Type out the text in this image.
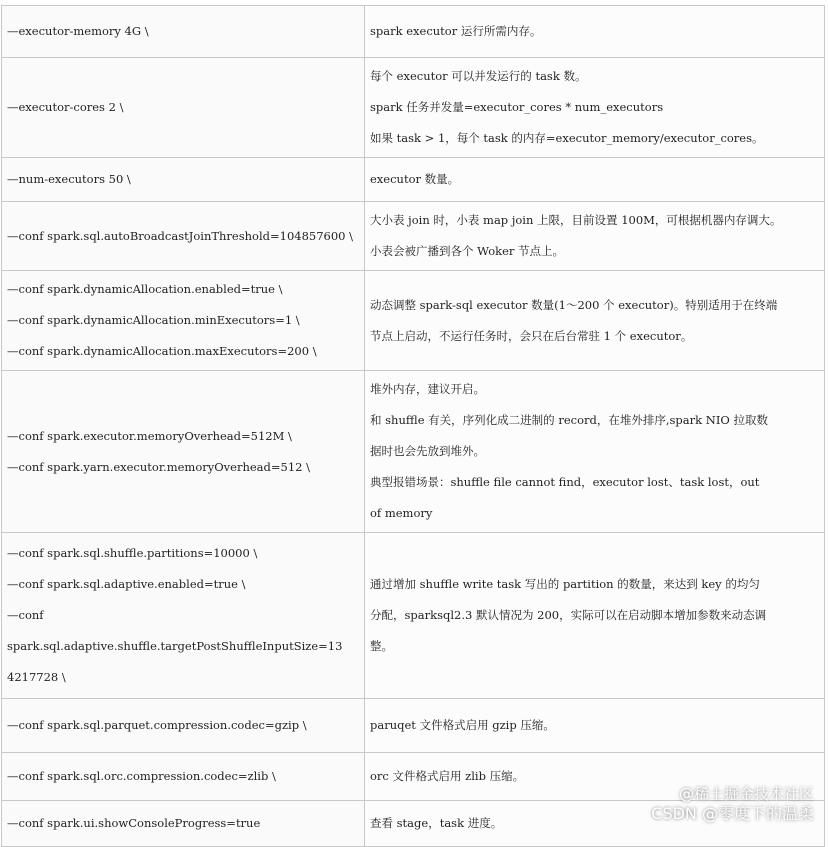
—executor-memory 4G \	spark executor 运行所需内存。

—executor-cores 2 \	每个 executor 可以并发运行的 task 数。
spark 任务并发量=executor_cores * num_executors
如果 task > 1，每个 task 的内存=executor_memory/executor_cores。

—num-executors 50 \	executor 数量。

—conf spark.sql.autoBroadcastJoinThreshold=104857600 \	大小表 join 时，小表 map join 上限，目前设置 100M，可根据机器内存调大。
小表会被广播到各个 Woker 节点上。

—conf spark.dynamicAllocation.enabled=true \
—conf spark.dynamicAllocation.minExecutors=1 \
—conf spark.dynamicAllocation.maxExecutors=200 \	动态调整 spark-sql executor 数量(1～200 个 executor)。特别适用于在终端
节点上启动，不运行任务时，会只在后台常驻 1 个 executor。

—conf spark.executor.memoryOverhead=512M \
—conf spark.yarn.executor.memoryOverhead=512 \	堆外内存，建议开启。
和 shuffle 有关，序列化成二进制的 record，在堆外排序,spark NIO 拉取数
据时也会先放到堆外。
典型报错场景：shuffle file cannot find，executor lost、task lost，out
of memory

—conf spark.sql.shuffle.partitions=10000 \
—conf spark.sql.adaptive.enabled=true \
—conf
spark.sql.adaptive.shuffle.targetPostShuffleInputSize=13
4217728 \	通过增加 shuffle write task 写出的 partition 的数量，来达到 key 的均匀
分配，sparksql2.3 默认情况为 200，实际可以在启动脚本增加参数来动态调
整。

—conf spark.sql.parquet.compression.codec=gzip \	paruqet 文件格式启用 gzip 压缩。

—conf spark.sql.orc.compression.codec=zlib \	orc 文件格式启用 zlib 压缩。

—conf spark.ui.showConsoleProgress=true	查看 stage，task 进度。
@稀土掘金技术社区
CSDN @零度下的温柔
